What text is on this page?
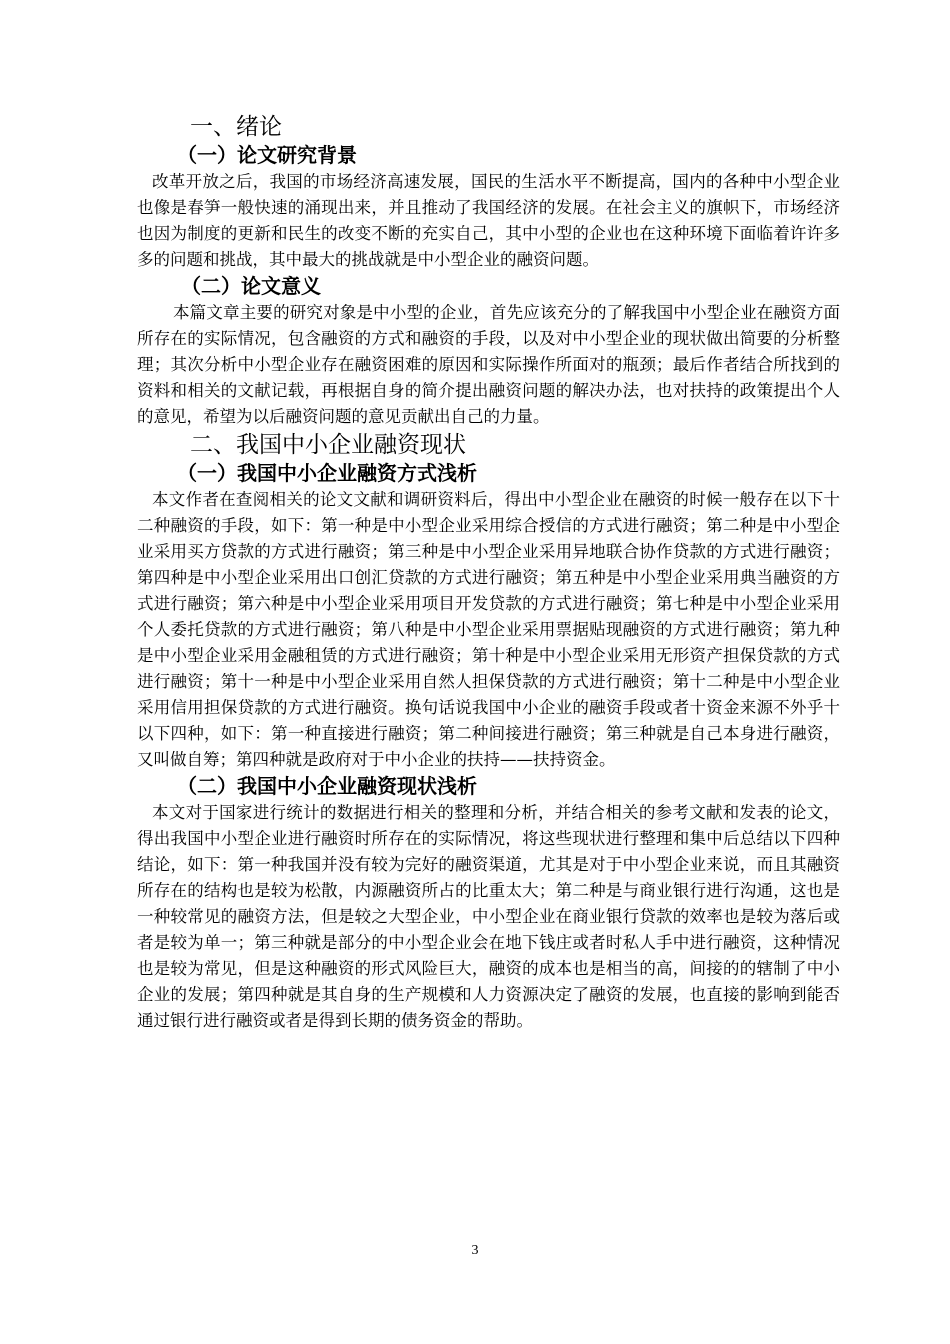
一、绪论
（一）论文研究背景

改革开放之后，我国的市场经济高速发展，国民的生活水平不断提高，国内的各种中小型企业也像是春笋一般快速的涌现出来，并且推动了我国经济的发展。在社会主义的旗帜下，市场经济也因为制度的更新和民生的改变不断的充实自己，其中小型的企业也在这种环境下面临着许许多多的问题和挑战，其中最大的挑战就是中小型企业的融资问题。

（二）论文意义

本篇文章主要的研究对象是中小型的企业，首先应该充分的了解我国中小型企业在融资方面所存在的实际情况，包含融资的方式和融资的手段，以及对中小型企业的现状做出简要的分析整理；其次分析中小型企业存在融资困难的原因和实际操作所面对的瓶颈；最后作者结合所找到的资料和相关的文献记载，再根据自身的简介提出融资问题的解决办法，也对扶持的政策提出个人的意见，希望为以后融资问题的意见贡献出自己的力量。

二、我国中小企业融资现状
（一）我国中小企业融资方式浅析

本文作者在查阅相关的论文文献和调研资料后，得出中小型企业在融资的时候一般存在以下十二种融资的手段，如下：第一种是中小型企业采用综合授信的方式进行融资；第二种是中小型企业采用买方贷款的方式进行融资；第三种是中小型企业采用异地联合协作贷款的方式进行融资；第四种是中小型企业采用出口创汇贷款的方式进行融资；第五种是中小型企业采用典当融资的方式进行融资；第六种是中小型企业采用项目开发贷款的方式进行融资；第七种是中小型企业采用个人委托贷款的方式进行融资；第八种是中小型企业采用票据贴现融资的方式进行融资；第九种是中小型企业采用金融租赁的方式进行融资；第十种是中小型企业采用无形资产担保贷款的方式进行融资；第十一种是中小型企业采用自然人担保贷款的方式进行融资；第十二种是中小型企业采用信用担保贷款的方式进行融资。换句话说我国中小企业的融资手段或者十资金来源不外乎十以下四种，如下：第一种直接进行融资；第二种间接进行融资；第三种就是自己本身进行融资，又叫做自筹；第四种就是政府对于中小企业的扶持——扶持资金。

（二）我国中小企业融资现状浅析

本文对于国家进行统计的数据进行相关的整理和分析，并结合相关的参考文献和发表的论文，得出我国中小型企业进行融资时所存在的实际情况，将这些现状进行整理和集中后总结以下四种结论，如下：第一种我国并没有较为完好的融资渠道，尤其是对于中小型企业来说，而且其融资所存在的结构也是较为松散，内源融资所占的比重太大；第二种是与商业银行进行沟通，这也是一种较常见的融资方法，但是较之大型企业，中小型企业在商业银行贷款的效率也是较为落后或者是较为单一；第三种就是部分的中小型企业会在地下钱庄或者时私人手中进行融资，这种情况也是较为常见，但是这种融资的形式风险巨大，融资的成本也是相当的高，间接的的辖制了中小企业的发展；第四种就是其自身的生产规模和人力资源决定了融资的发展，也直接的影响到能否通过银行进行融资或者是得到长期的债务资金的帮助。

3
